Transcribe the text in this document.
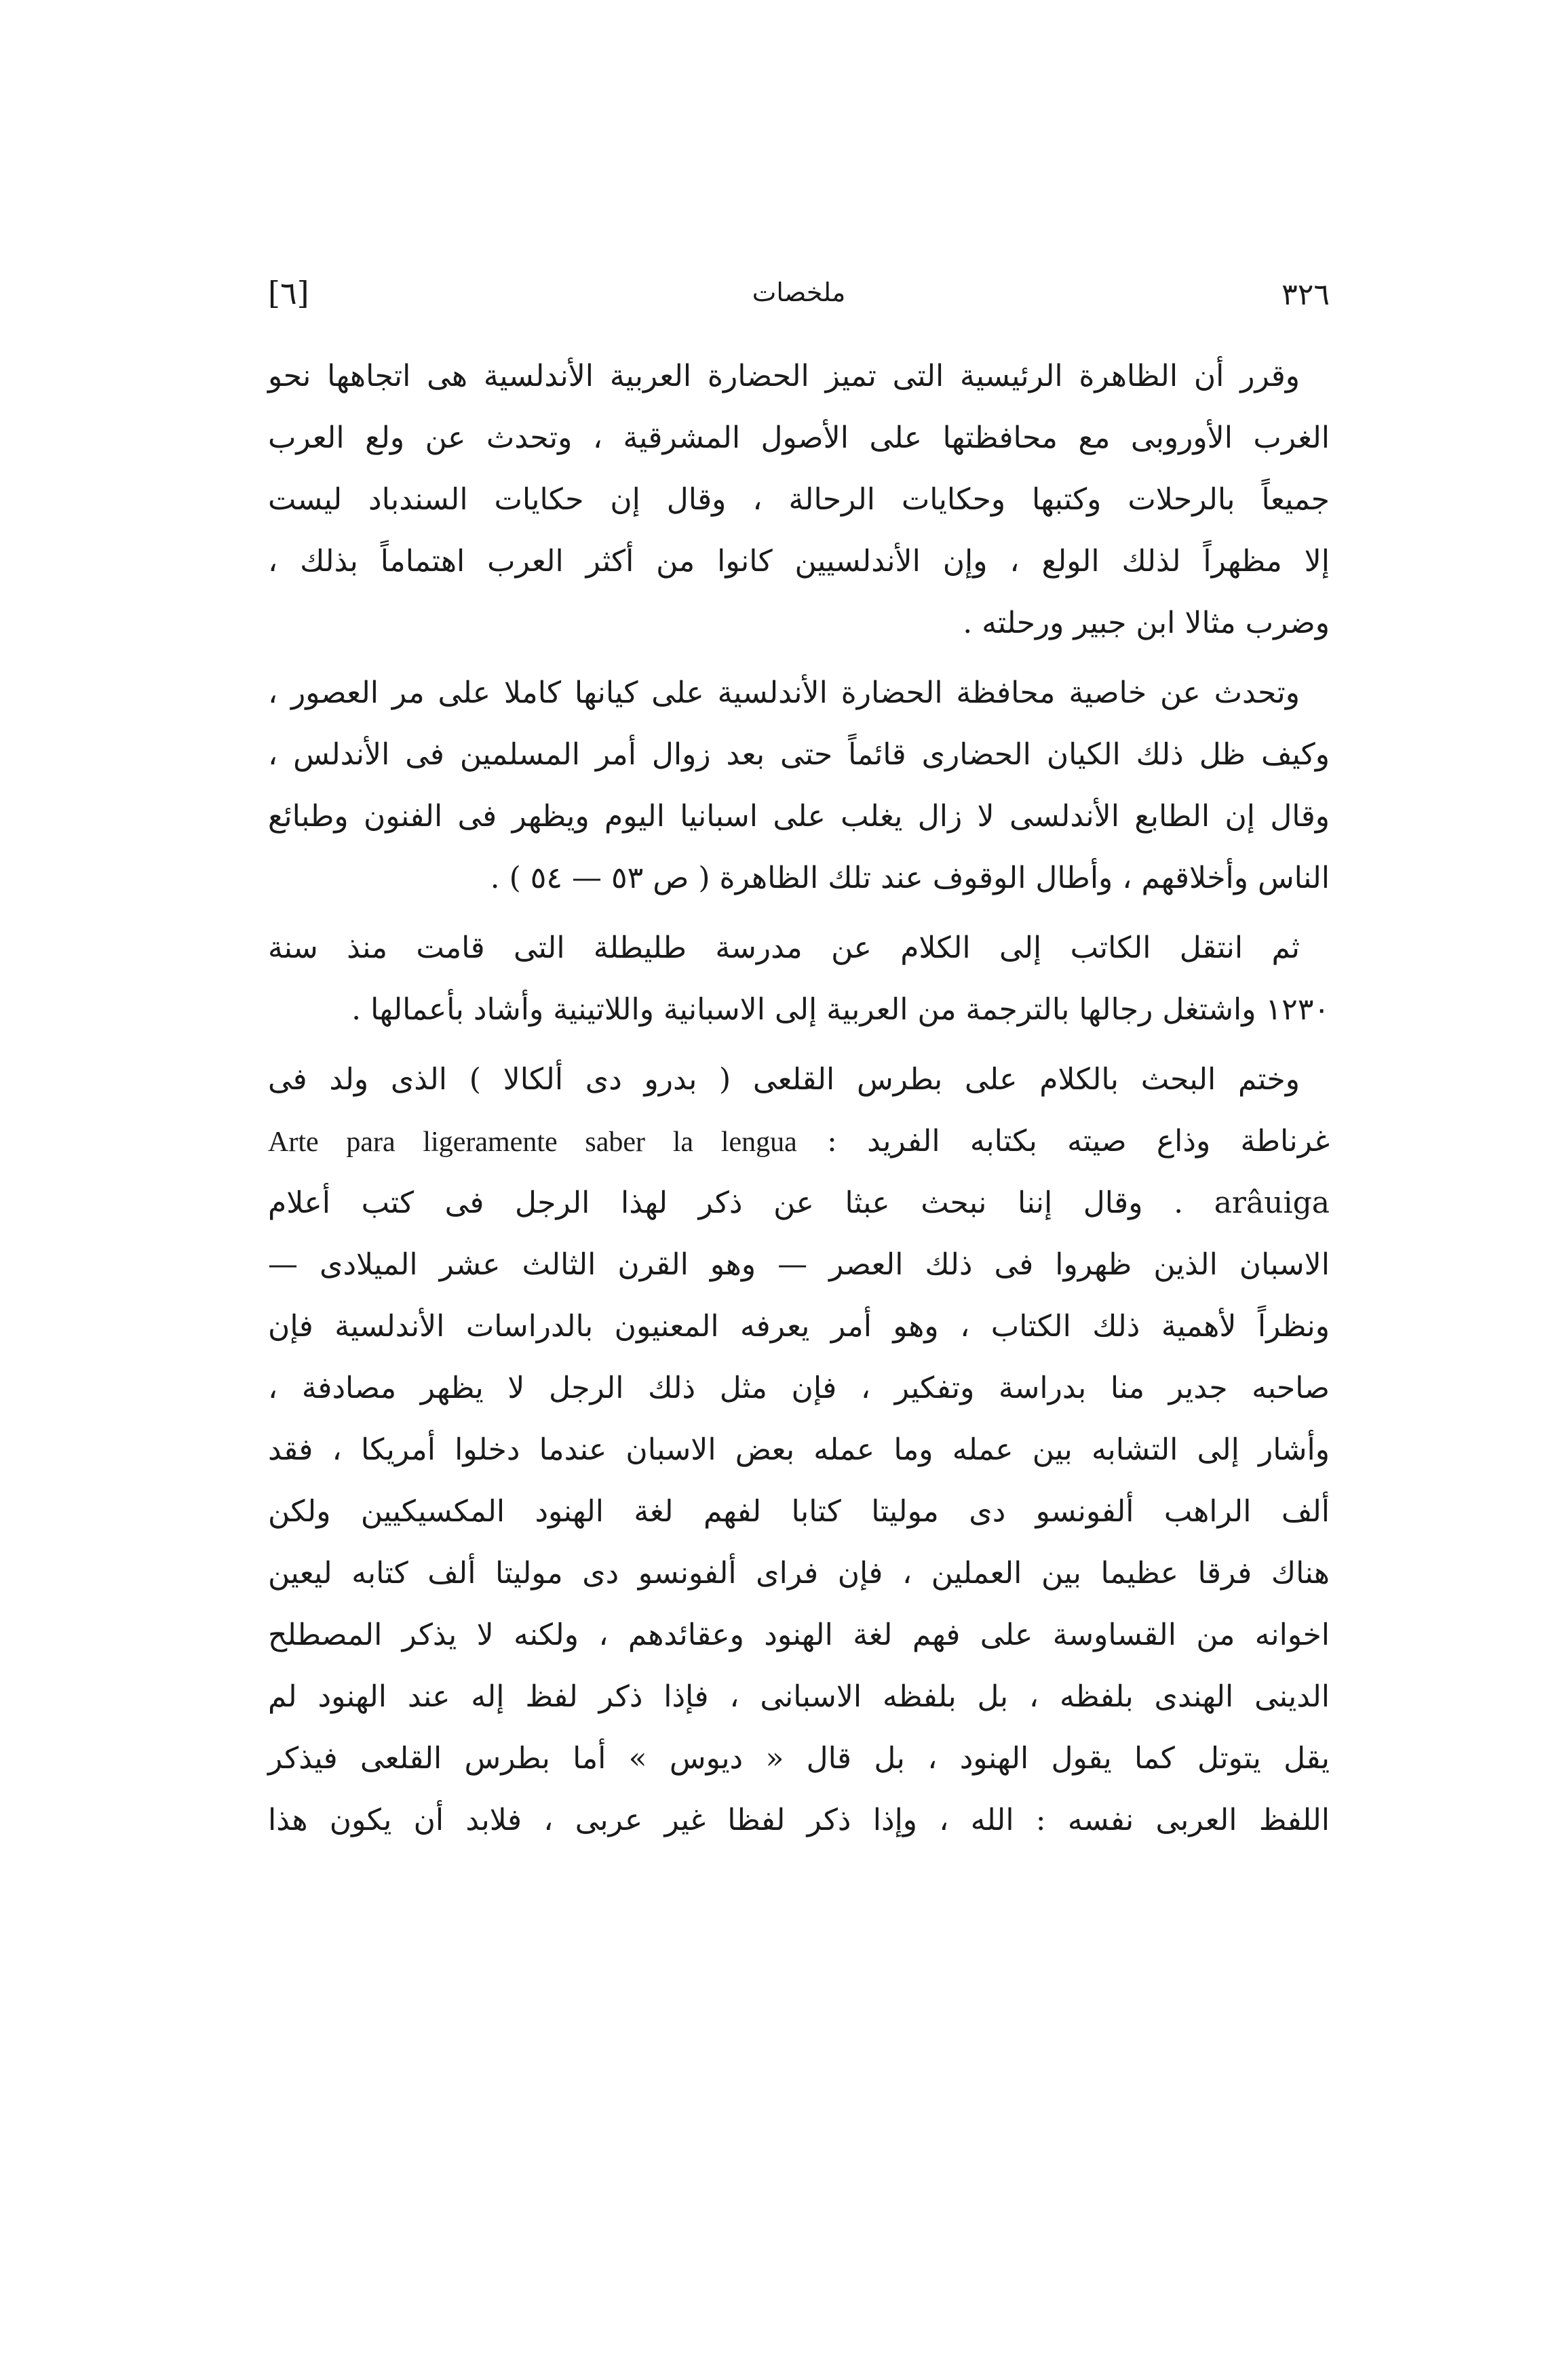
٣٢٦
ملخصات
[٦]
وقرر أن الظاهرة الرئيسية التى تميز الحضارة العربية الأندلسية هى اتجاهها نحو
الغرب الأوروبى مع محافظتها على الأصول المشرقية ، وتحدث عن ولع العرب
جميعاً بالرحلات وكتبها وحكايات الرحالة ، وقال إن حكايات السندباد ليست
إلا مظهراً لذلك الولع ، وإن الأندلسيين كانوا من أكثر العرب اهتماماً بذلك ،
وضرب مثالا ابن جبير ورحلته .
وتحدث عن خاصية محافظة الحضارة الأندلسية على كيانها كاملا على مر العصور ،
وكيف ظل ذلك الكيان الحضارى قائماً حتى بعد زوال أمر المسلمين فى الأندلس ،
وقال إن الطابع الأندلسى لا زال يغلب على اسبانيا اليوم ويظهر فى الفنون وطبائع
الناس وأخلاقهم ، وأطال الوقوف عند تلك الظاهرة ( ص ٥٣ — ٥٤ ) .
ثم انتقل الكاتب إلى الكلام عن مدرسة طليطلة التى قامت منذ سنة
١٢٣٠ واشتغل رجالها بالترجمة من العربية إلى الاسبانية واللاتينية وأشاد بأعمالها .
وختم البحث بالكلام على بطرس القلعى ( بدرو دى ألكالا ) الذى ولد فى
غرناطة وذاع صيته بكتابه الفريد : Arte para ligeramente saber la lengua
arâuiga . وقال إننا نبحث عبثا عن ذكر لهذا الرجل فى كتب أعلام
الاسبان الذين ظهروا فى ذلك العصر — وهو القرن الثالث عشر الميلادى —
ونظراً لأهمية ذلك الكتاب ، وهو أمر يعرفه المعنيون بالدراسات الأندلسية فإن
صاحبه جدير منا بدراسة وتفكير ، فإن مثل ذلك الرجل لا يظهر مصادفة ،
وأشار إلى التشابه بين عمله وما عمله بعض الاسبان عندما دخلوا أمريكا ، فقد
ألف الراهب ألفونسو دى موليتا كتابا لفهم لغة الهنود المكسيكيين ولكن
هناك فرقا عظيما بين العملين ، فإن فراى ألفونسو دى موليتا ألف كتابه ليعين
اخوانه من القساوسة على فهم لغة الهنود وعقائدهم ، ولكنه لا يذكر المصطلح
الدينى الهندى بلفظه ، بل بلفظه الاسبانى ، فإذا ذكر لفظ إله عند الهنود لم
يقل يتوتل كما يقول الهنود ، بل قال « ديوس » أما بطرس القلعى فيذكر
اللفظ العربى نفسه : الله ، وإذا ذكر لفظا غير عربى ، فلابد أن يكون هذا
